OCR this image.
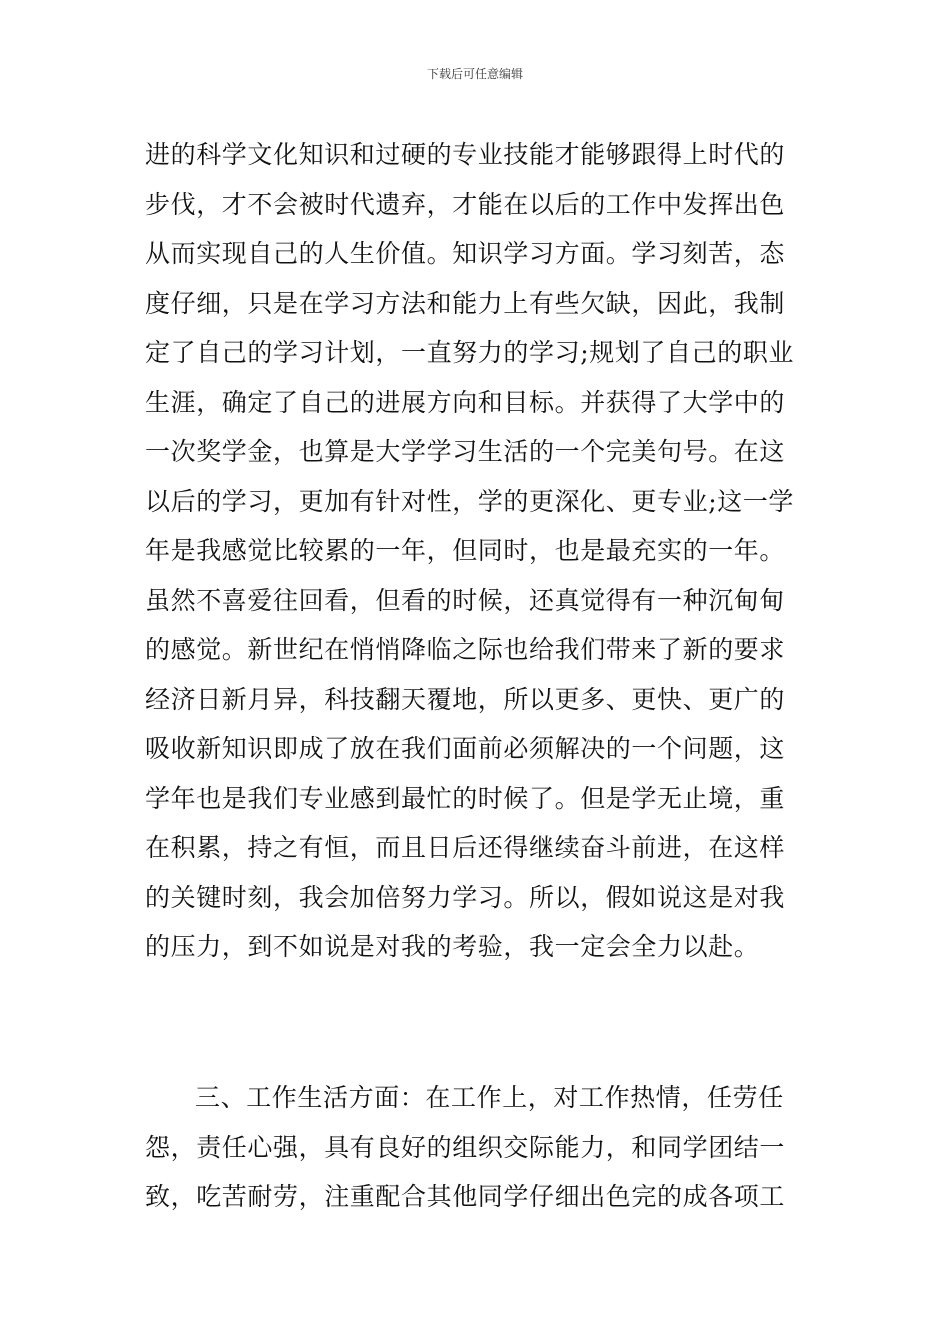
下载后可任意编辑
进的科学文化知识和过硬的专业技能才能够跟得上时代的
步伐，才不会被时代遗弃，才能在以后的工作中发挥出色
从而实现自己的人生价值。知识学习方面。学习刻苦，态
度仔细，只是在学习方法和能力上有些欠缺，因此，我制
定了自己的学习计划，一直努力的学习;规划了自己的职业
生涯，确定了自己的进展方向和目标。并获得了大学中的
一次奖学金，也算是大学学习生活的一个完美句号。在这
以后的学习，更加有针对性，学的更深化、更专业;这一学
年是我感觉比较累的一年，但同时，也是最充实的一年。
虽然不喜爱往回看，但看的时候，还真觉得有一种沉甸甸
的感觉。新世纪在悄悄降临之际也给我们带来了新的要求
经济日新月异，科技翻天覆地，所以更多、更快、更广的
吸收新知识即成了放在我们面前必须解决的一个问题，这
学年也是我们专业感到最忙的时候了。但是学无止境，重
在积累，持之有恒，而且日后还得继续奋斗前进，在这样
的关键时刻，我会加倍努力学习。所以，假如说这是对我
的压力，到不如说是对我的考验，我一定会全力以赴。
三、工作生活方面：在工作上，对工作热情，任劳任
怨，责任心强，具有良好的组织交际能力，和同学团结一
致，吃苦耐劳，注重配合其他同学仔细出色完的成各项工
